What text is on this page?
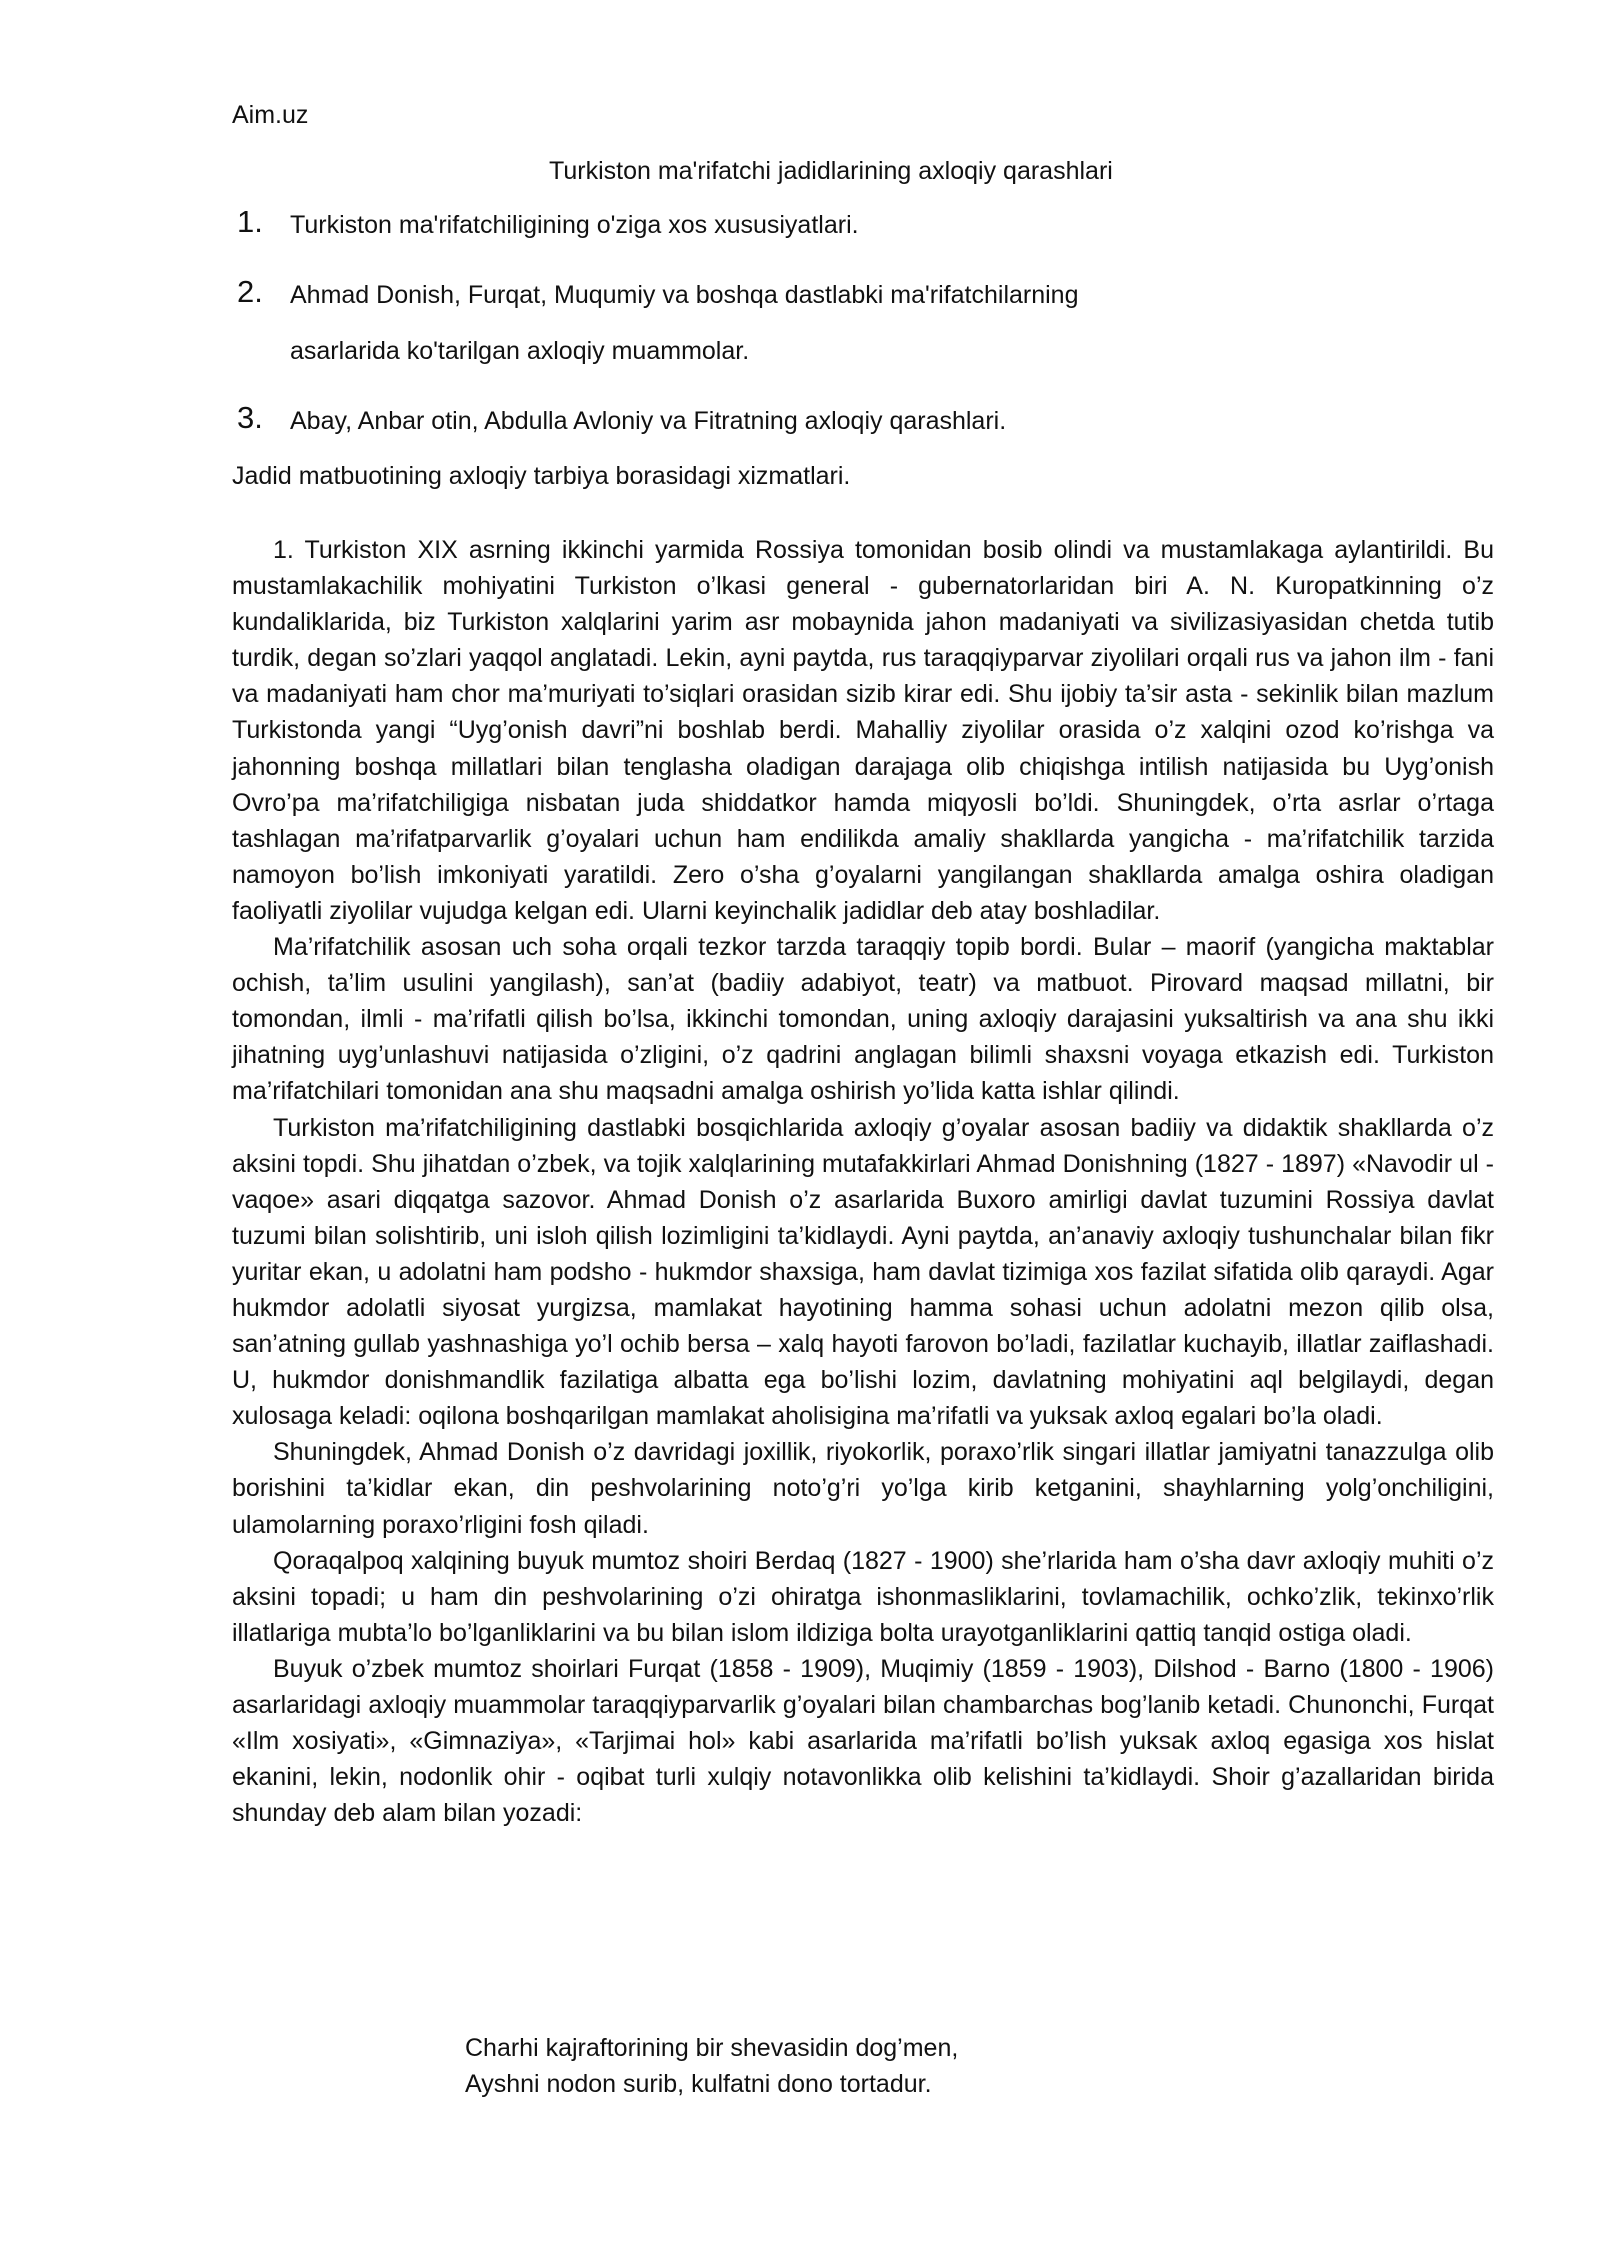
Aim.uz
Turkiston ma'rifatchi jadidlarining axloqiy qarashlari
1. Turkiston ma'rifatchiligining o'ziga xos xususiyatlari.
2. Ahmad Donish, Furqat, Muqumiy va boshqa dastlabki ma'rifatchilarning
asarlarida ko'tarilgan axloqiy muammolar.
3. Abay, Anbar otin, Abdulla Avloniy va Fitratning axloqiy qarashlari.
Jadid matbuotining axloqiy tarbiya borasidagi xizmatlari.

1. Turkiston XIX asrning ikkinchi yarmida Rossiya tomonidan bosib olindi va mustamlakaga aylantirildi. Bu mustamlakachilik mohiyatini Turkiston o’lkasi general - gubernatorlaridan biri A. N. Kuropatkinning o’z kundaliklarida, biz Turkiston xalqlarini yarim asr mobaynida jahon madaniyati va sivilizasiyasidan chetda tutib turdik, degan so’zlari yaqqol anglatadi. Lekin, ayni paytda, rus taraqqiyparvar ziyolilari orqali rus va jahon ilm - fani va madaniyati ham chor ma’muriyati to’siqlari orasidan sizib kirar edi. Shu ijobiy ta’sir asta - sekinlik bilan mazlum Turkistonda yangi “Uyg’onish davri”ni boshlab berdi. Mahalliy ziyolilar orasida o’z xalqini ozod ko’rishga va jahonning boshqa millatlari bilan tenglasha oladigan darajaga olib chiqishga intilish natijasida bu Uyg’onish Ovro’pa ma’rifatchiligiga nisbatan juda shiddatkor hamda miqyosli bo’ldi. Shuningdek, o’rta asrlar o’rtaga tashlagan ma’rifatparvarlik g’oyalari uchun ham endilikda amaliy shakllarda yangicha - ma’rifatchilik tarzida namoyon bo’lish imkoniyati yaratildi. Zero o’sha g’oyalarni yangilangan shakllarda amalga oshira oladigan faoliyatli ziyolilar vujudga kelgan edi. Ularni keyinchalik jadidlar deb atay boshladilar.

Ma’rifatchilik asosan uch soha orqali tezkor tarzda taraqqiy topib bordi. Bular – maorif (yangicha maktablar ochish, ta’lim usulini yangilash), san’at (badiiy adabiyot, teatr) va matbuot. Pirovard maqsad millatni, bir tomondan, ilmli - ma’rifatli qilish bo’lsa, ikkinchi tomondan, uning axloqiy darajasini yuksaltirish va ana shu ikki jihatning uyg’unlashuvi natijasida o’zligini, o’z qadrini anglagan bilimli shaxsni voyaga etkazish edi. Turkiston ma’rifatchilari tomonidan ana shu maqsadni amalga oshirish yo’lida katta ishlar qilindi.

Turkiston ma’rifatchiligining dastlabki bosqichlarida axloqiy g’oyalar asosan badiiy va didaktik shakllarda o’z aksini topdi. Shu jihatdan o’zbek, va tojik xalqlarining mutafakkirlari Ahmad Donishning (1827 - 1897) «Navodir ul - vaqoe» asari diqqatga sazovor. Ahmad Donish o’z asarlarida Buxoro amirligi davlat tuzumini Rossiya davlat tuzumi bilan solishtirib, uni isloh qilish lozimligini ta’kidlaydi. Ayni paytda, an’anaviy axloqiy tushunchalar bilan fikr yuritar ekan, u adolatni ham podsho - hukmdor shaxsiga, ham davlat tizimiga xos fazilat sifatida olib qaraydi. Agar hukmdor adolatli siyosat yurgizsa, mamlakat hayotining hamma sohasi uchun adolatni mezon qilib olsa, san’atning gullab yashnashiga yo’l ochib bersa – xalq hayoti farovon bo’ladi, fazilatlar kuchayib, illatlar zaiflashadi. U, hukmdor donishmandlik fazilatiga albatta ega bo’lishi lozim, davlatning mohiyatini aql belgilaydi, degan xulosaga keladi: oqilona boshqarilgan mamlakat aholisigina ma’rifatli va yuksak axloq egalari bo’la oladi.

Shuningdek, Ahmad Donish o’z davridagi joxillik, riyokorlik, poraxo’rlik singari illatlar jamiyatni tanazzulga olib borishini ta’kidlar ekan, din peshvolarining noto’g’ri yo’lga kirib ketganini, shayhlarning yolg’onchiligini, ulamolarning poraxo’rligini fosh qiladi.

Qoraqalpoq xalqining buyuk mumtoz shoiri Berdaq (1827 - 1900) she’rlarida ham o’sha davr axloqiy muhiti o’z aksini topadi; u ham din peshvolarining o’zi ohiratga ishonmasliklarini, tovlamachilik, ochko’zlik, tekinxo’rlik illatlariga mubta’lo bo’lganliklarini va bu bilan islom ildiziga bolta urayotganliklarini qattiq tanqid ostiga oladi.

Buyuk o’zbek mumtoz shoirlari Furqat (1858 - 1909), Muqimiy (1859 - 1903), Dilshod - Barno (1800 - 1906) asarlaridagi axloqiy muammolar taraqqiyparvarlik g’oyalari bilan chambarchas bog’lanib ketadi. Chunonchi, Furqat «Ilm xosiyati», «Gimnaziya», «Tarjimai hol» kabi asarlarida ma’rifatli bo’lish yuksak axloq egasiga xos hislat ekanini, lekin, nodonlik ohir - oqibat turli xulqiy notavonlikka olib kelishini ta’kidlaydi. Shoir g’azallaridan birida shunday deb alam bilan yozadi:

Charhi kajraftorining bir shevasidin dog’men,
Ayshni nodon surib, kulfatni dono tortadur.
